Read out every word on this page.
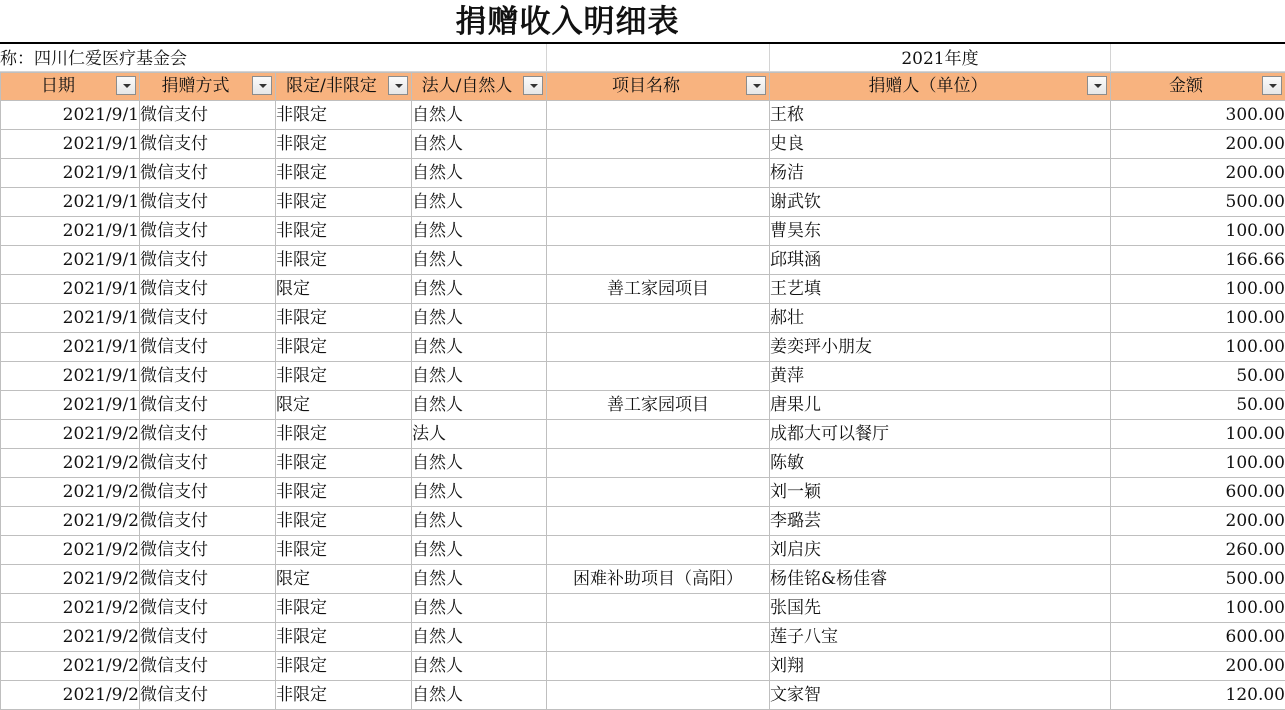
捐赠收入明细表
称：四川仁爱医疗基金会	2021年度
日期	捐赠方式	限定/非限定	法人/自然人	项目名称	捐赠人（单位）	金额

2021/9/1	微信支付	非限定	自然人		王秾	300.00
2021/9/1	微信支付	非限定	自然人		史良	200.00
2021/9/1	微信支付	非限定	自然人		杨洁	200.00
2021/9/1	微信支付	非限定	自然人		谢武钦	500.00
2021/9/1	微信支付	非限定	自然人		曹昊东	100.00
2021/9/1	微信支付	非限定	自然人		邱琪涵	166.66
2021/9/1	微信支付	限定	自然人	善工家园项目	王艺填	100.00
2021/9/1	微信支付	非限定	自然人		郝壮	100.00
2021/9/1	微信支付	非限定	自然人		姜奕玶小朋友	100.00
2021/9/1	微信支付	非限定	自然人		黄萍	50.00
2021/9/1	微信支付	限定	自然人	善工家园项目	唐果儿	50.00
2021/9/2	微信支付	非限定	法人		成都大可以餐厅	100.00
2021/9/2	微信支付	非限定	自然人		陈敏	100.00
2021/9/2	微信支付	非限定	自然人		刘一颖	600.00
2021/9/2	微信支付	非限定	自然人		李璐芸	200.00
2021/9/2	微信支付	非限定	自然人		刘启庆	260.00
2021/9/2	微信支付	限定	自然人	困难补助项目（高阳）	杨佳铭&杨佳睿	500.00
2021/9/2	微信支付	非限定	自然人		张国先	100.00
2021/9/2	微信支付	非限定	自然人		莲子八宝	600.00
2021/9/2	微信支付	非限定	自然人		刘翔	200.00
2021/9/2	微信支付	非限定	自然人		文家智	120.00
